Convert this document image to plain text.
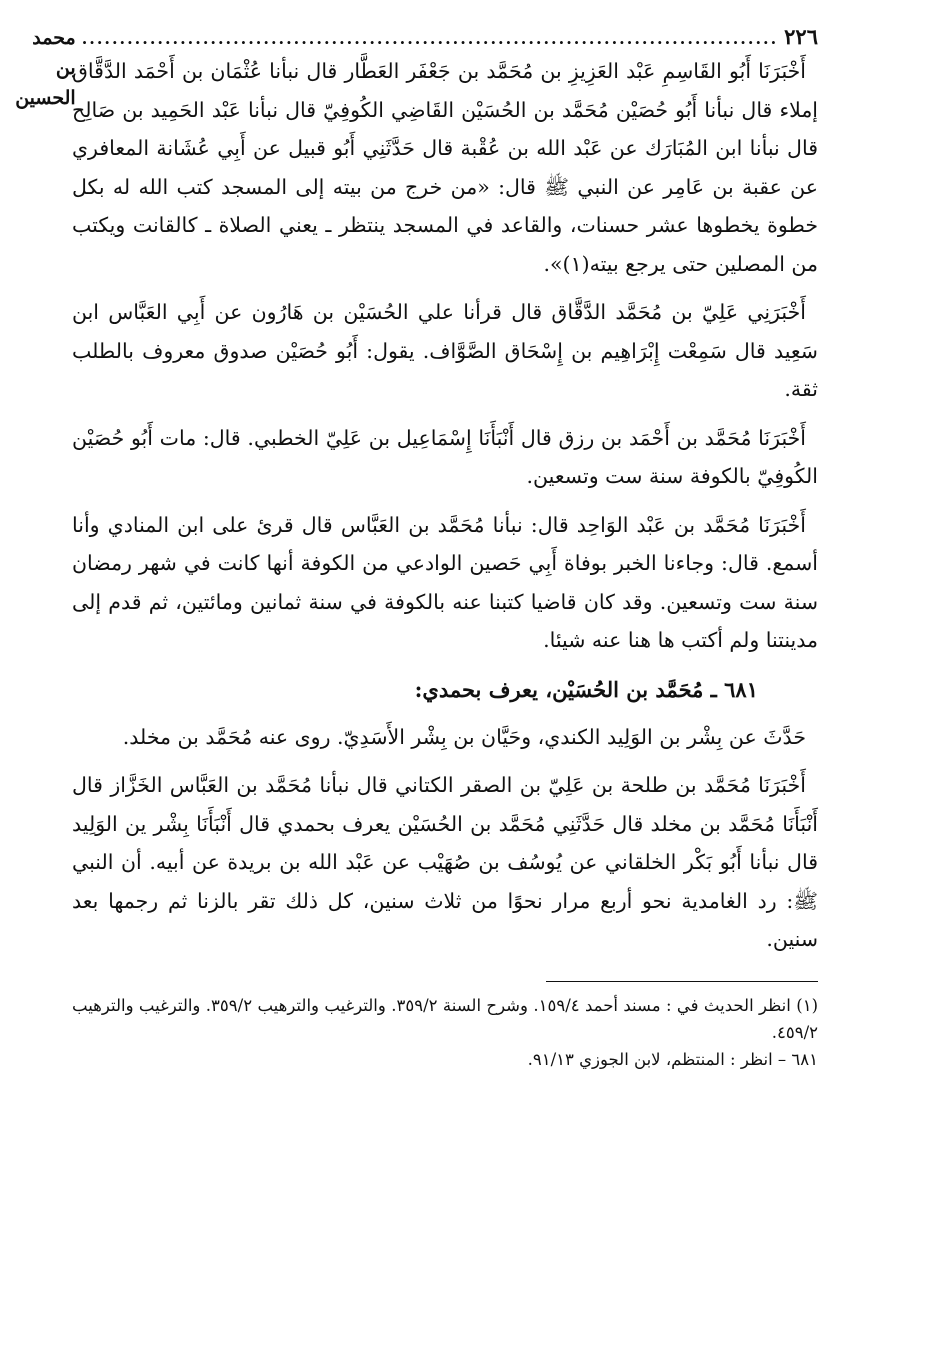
٢٢٦
............................................................................................
محمد بن الحسين

أَخْبَرَنَا أَبُو القَاسِمِ عَبْد العَزِيزِ بن مُحَمَّد بن جَعْفَر العَطَّار قال نبأنا عُثْمَان بن أَحْمَد الدَّقَّاق إملاء قال نبأنا أَبُو حُصَيْن مُحَمَّد بن الحُسَيْن القَاضِي الكُوفِيّ قال نبأنا عَبْد الحَمِيد بن صَالِح قال نبأنا ابن المُبَارَك عن عَبْد الله بن عُقْبة قال حَدَّثَنِي أَبُو قبيل عن أَبِي عُشَانة المعافري عن عقبة بن عَامِر عن النبي ﷺ قال: «من خرج من بيته إلى المسجد كتب الله له بكل خطوة يخطوها عشر حسنات، والقاعد في المسجد ينتظر ـ يعني الصلاة ـ كالقانت ويكتب من المصلين حتى يرجع بيته(١)».

أَخْبَرَنِي عَلِيّ بن مُحَمَّد الدَّقَّاق قال قرأنا علي الحُسَيْن بن هَارُون عن أَبِي العَبَّاس ابن سَعِيد قال سَمِعْت إِبْرَاهِيم بن إِسْحَاق الصَّوَّاف. يقول: أَبُو حُصَيْن صدوق معروف بالطلب ثقة.

أَخْبَرَنَا مُحَمَّد بن أَحْمَد بن رزق قال أَنْبَأَنَا إِسْمَاعِيل بن عَلِيّ الخطبي. قال: مات أَبُو حُصَيْن الكُوفِيّ بالكوفة سنة ست وتسعين.

أَخْبَرَنَا مُحَمَّد بن عَبْد الوَاحِد قال: نبأنا مُحَمَّد بن العَبَّاس قال قرئ على ابن المنادي وأنا أسمع. قال: وجاءنا الخبر بوفاة أَبِي حَصين الوادعي من الكوفة أنها كانت في شهر رمضان سنة ست وتسعين. وقد كان قاضيا كتبنا عنه بالكوفة في سنة ثمانين ومائتين، ثم قدم إلى مدينتنا ولم أكتب ها هنا عنه شيئا.

٦٨١ ـ مُحَمَّد بن الحُسَيْن، يعرف بحمدي:

حَدَّثَ عن بِشْر بن الوَلِيد الكندي، وحَيَّان بن بِشْر الأَسَدِيّ. روى عنه مُحَمَّد بن مخلد.

أَخْبَرَنَا مُحَمَّد بن طلحة بن عَلِيّ بن الصقر الكتاني قال نبأنا مُحَمَّد بن العَبَّاس الخَزَّاز قال أَنْبَأَنَا مُحَمَّد بن مخلد قال حَدَّثَنِي مُحَمَّد بن الحُسَيْن يعرف بحمدي قال أَنْبَأَنَا بِشْر ين الوَلِيد قال نبأنا أَبُو بَكْر الخلقاني عن يُوسُف بن صُهَيْب عن عَبْد الله بن بريدة عن أبيه. أن النبي ﷺ: رد الغامدية نحو أربع مرار نحوًا من ثلاث سنين، كل ذلك تقر بالزنا ثم رجمها بعد سنين.

(١) انظر الحديث في : مسند أحمد ١٥٩/٤. وشرح السنة ٣٥٩/٢. والترغيب والترهيب ٣٥٩/٢. والترغيب والترهيب ٤٥٩/٢.

٦٨١ – انظر : المنتظم، لابن الجوزي ٩١/١٣.
